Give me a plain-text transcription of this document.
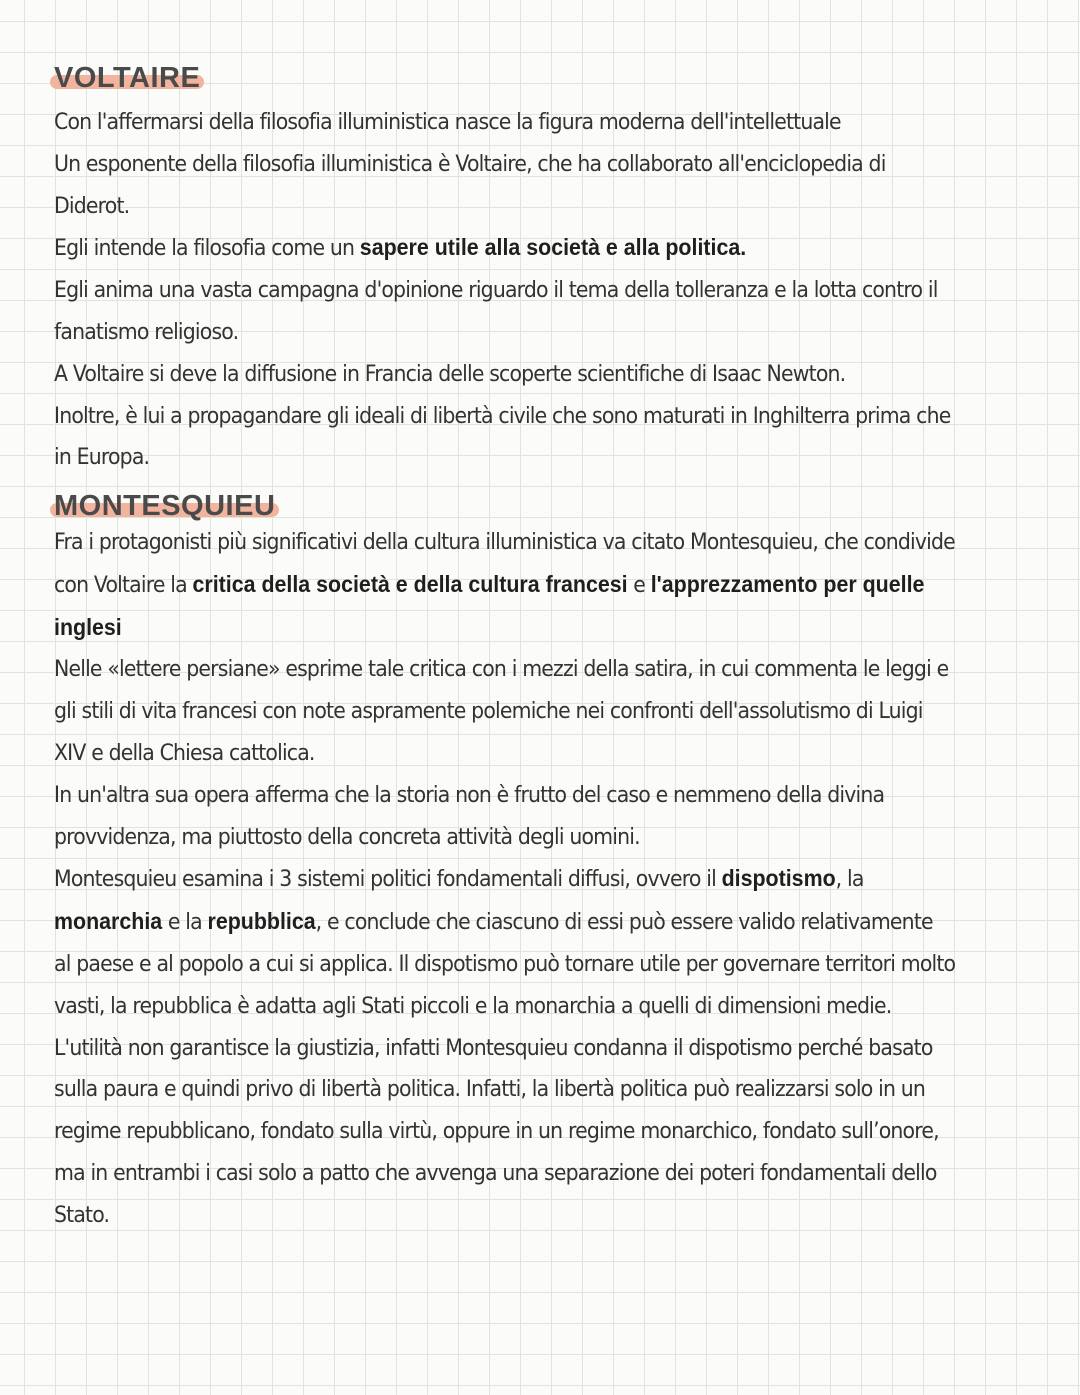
VOLTAIRE

Con l'affermarsi della filosofia illuministica nasce la figura moderna dell'intellettuale

Un esponente della filosofia illuministica è Voltaire, che ha collaborato all'enciclopedia di

Diderot.

Egli intende la filosofia come un sapere utile alla società e alla politica.

Egli anima una vasta campagna d'opinione riguardo il tema della tolleranza e la lotta contro il

fanatismo religioso.

A Voltaire si deve la diffusione in Francia delle scoperte scientifiche di Isaac Newton.

Inoltre, è lui a propagandare gli ideali di libertà civile che sono maturati in Inghilterra prima che

in Europa.

MONTESQUIEU

Fra i protagonisti più significativi della cultura illuministica va citato Montesquieu, che condivide

con Voltaire la critica della società e della cultura francesi e l'apprezzamento per quelle

inglesi

Nelle «lettere persiane» esprime tale critica con i mezzi della satira, in cui commenta le leggi e

gli stili di vita francesi con note aspramente polemiche nei confronti dell'assolutismo di Luigi

XIV e della Chiesa cattolica.

In un'altra sua opera afferma che la storia non è frutto del caso e nemmeno della divina

provvidenza, ma piuttosto della concreta attività degli uomini.

Montesquieu esamina i 3 sistemi politici fondamentali diffusi, ovvero il dispotismo, la

monarchia e la repubblica, e conclude che ciascuno di essi può essere valido relativamente

al paese e al popolo a cui si applica. Il dispotismo può tornare utile per governare territori molto

vasti, la repubblica è adatta agli Stati piccoli e la monarchia a quelli di dimensioni medie.

L'utilità non garantisce la giustizia, infatti Montesquieu condanna il dispotismo perché basato

sulla paura e quindi privo di libertà politica. Infatti, la libertà politica può realizzarsi solo in un

regime repubblicano, fondato sulla virtù, oppure in un regime monarchico, fondato sull’onore,

ma in entrambi i casi solo a patto che avvenga una separazione dei poteri fondamentali dello

Stato.
